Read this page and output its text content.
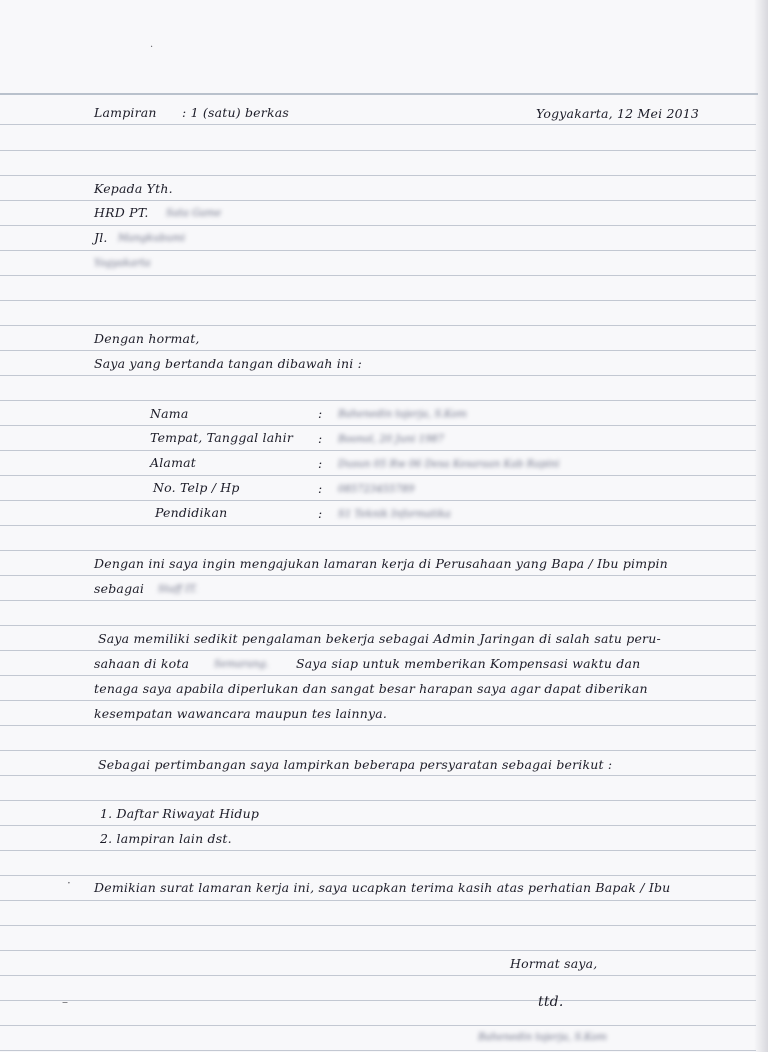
·
·
–
Lampiran : 1 (satu) berkas	Yogyakarta, 12 Mei 2013
Kepada Yth.
HRD PT. Sata Game
Jl. Mangkubumi
Yogyakarta
Dengan hormat,
Saya yang bertanda tangan dibawah ini :
Nama	: Bahenedin tojerja, S.Kom
Tempat, Tanggal lahir : Boonol, 20 Juni 1987
Alamat	: Dusun 05 Rw 06 Desa Kesaraan Kab Rapini
No. Telp / Hp	: 085723455789
Pendidikan	: S1 Teknik Informatika
Dengan ini saya ingin mengajukan lamaran kerja di Perusahaan yang Bapa / Ibu pimpin
sebagai Staff IT.
Saya memiliki sedikit pengalaman bekerja sebagai Admin Jaringan di salah satu peru-
sahaan di kota Semarang. Saya siap untuk memberikan Kompensasi waktu dan
tenaga saya apabila diperlukan dan sangat besar harapan saya agar dapat diberikan
kesempatan wawancara maupun tes lainnya.
Sebagai pertimbangan saya lampirkan beberapa persyaratan sebagai berikut :
1. Daftar Riwayat Hidup
2. lampiran lain dst.
Demikian surat lamaran kerja ini, saya ucapkan terima kasih atas perhatian Bapak / Ibu
Hormat saya,
ttd.
Bahenedin tojerja, S.Kom
